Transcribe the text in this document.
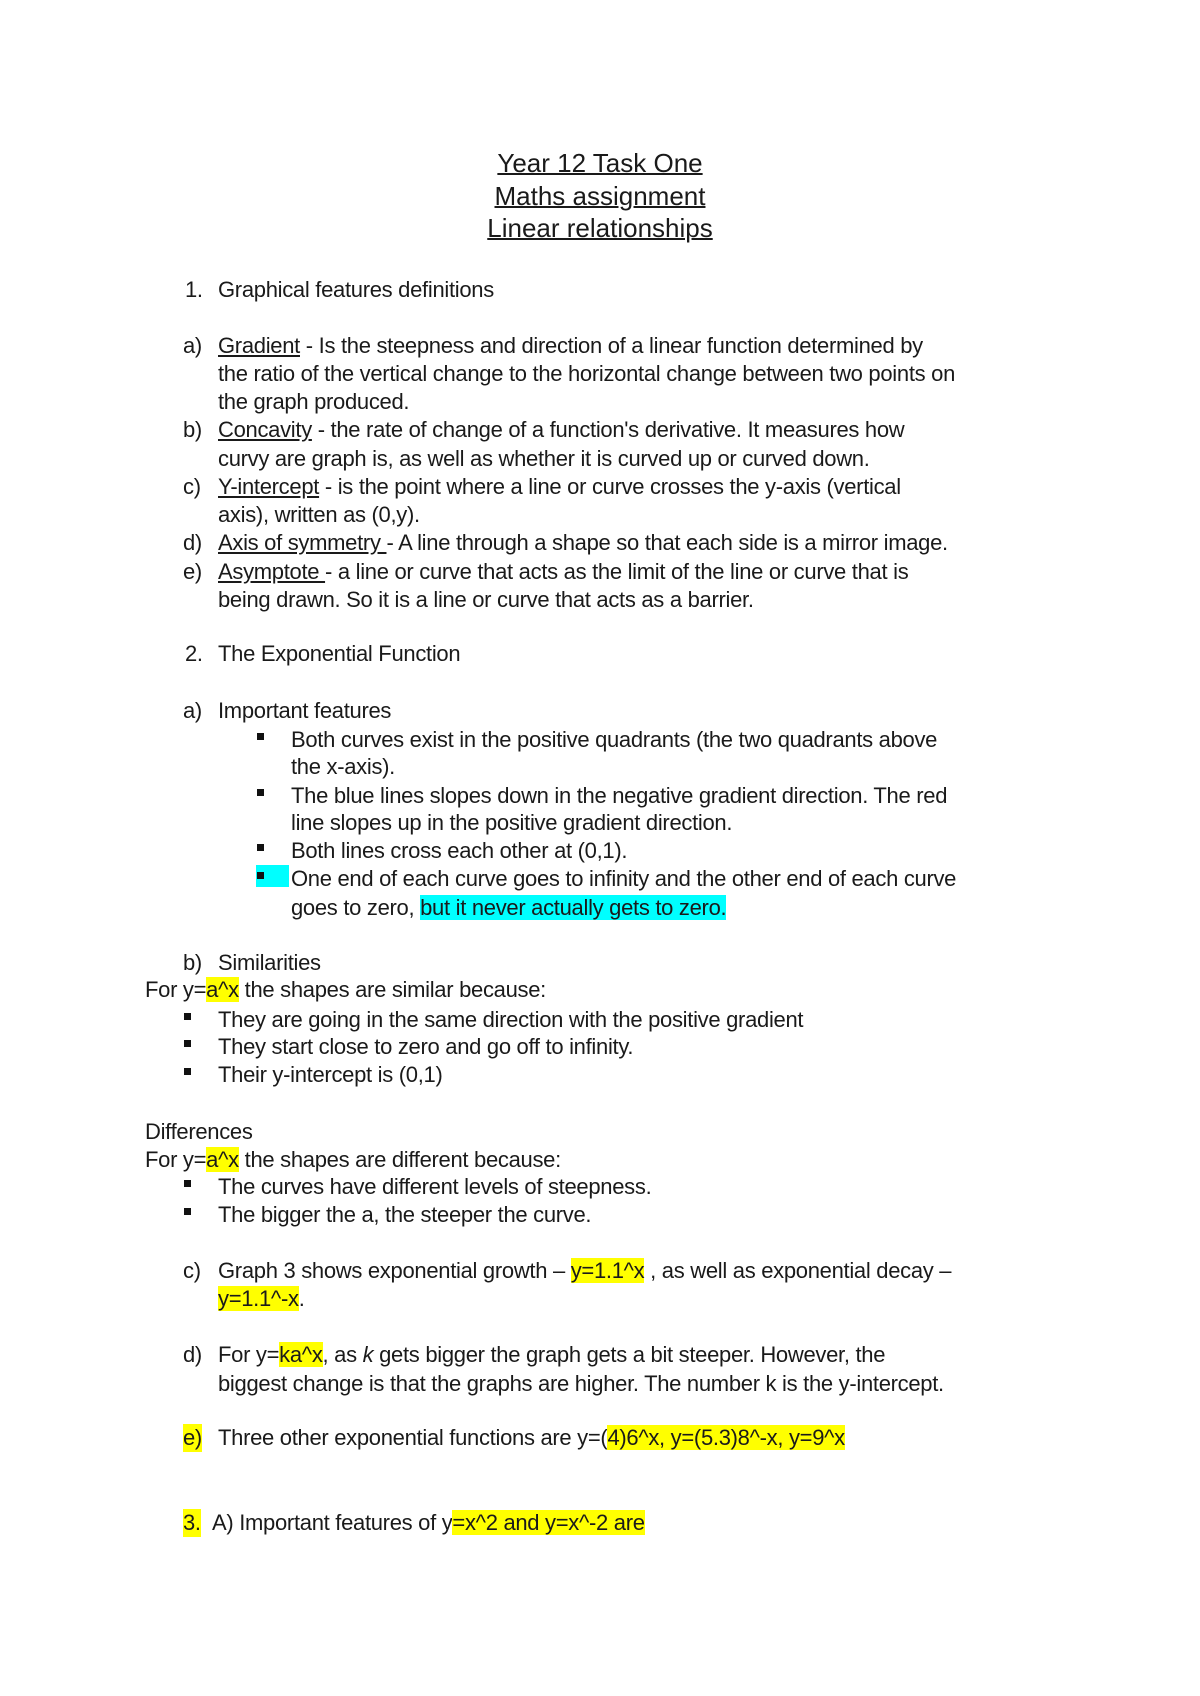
Year 12 Task One
Maths assignment
Linear relationships
1. Graphical features definitions
a) Gradient - Is the steepness and direction of a linear function determined by
the ratio of the vertical change to the horizontal change between two points on
the graph produced.
b) Concavity - the rate of change of a function's derivative. It measures how
curvy are graph is, as well as whether it is curved up or curved down.
c) Y-intercept - is the point where a line or curve crosses the y-axis (vertical
axis), written as (0,y).
d) Axis of symmetry - A line through a shape so that each side is a mirror image.
e) Asymptote - a line or curve that acts as the limit of the line or curve that is
being drawn. So it is a line or curve that acts as a barrier.
2. The Exponential Function
a) Important features
Both curves exist in the positive quadrants (the two quadrants above
the x-axis).
The blue lines slopes down in the negative gradient direction. The red
line slopes up in the positive gradient direction.
Both lines cross each other at (0,1).
One end of each curve goes to infinity and the other end of each curve
goes to zero, but it never actually gets to zero.
b) Similarities
For y=a^x the shapes are similar because:
They are going in the same direction with the positive gradient
They start close to zero and go off to infinity.
Their y-intercept is (0,1)
Differences
For y=a^x the shapes are different because:
The curves have different levels of steepness.
The bigger the a, the steeper the curve.
c) Graph 3 shows exponential growth – y=1.1^x , as well as exponential decay –
y=1.1^-x.
d) For y=ka^x, as k gets bigger the graph gets a bit steeper. However, the
biggest change is that the graphs are higher. The number k is the y-intercept.
e) Three other exponential functions are y=(4)6^x, y=(5.3)8^-x, y=9^x
3. A) Important features of y=x^2 and y=x^-2 are
